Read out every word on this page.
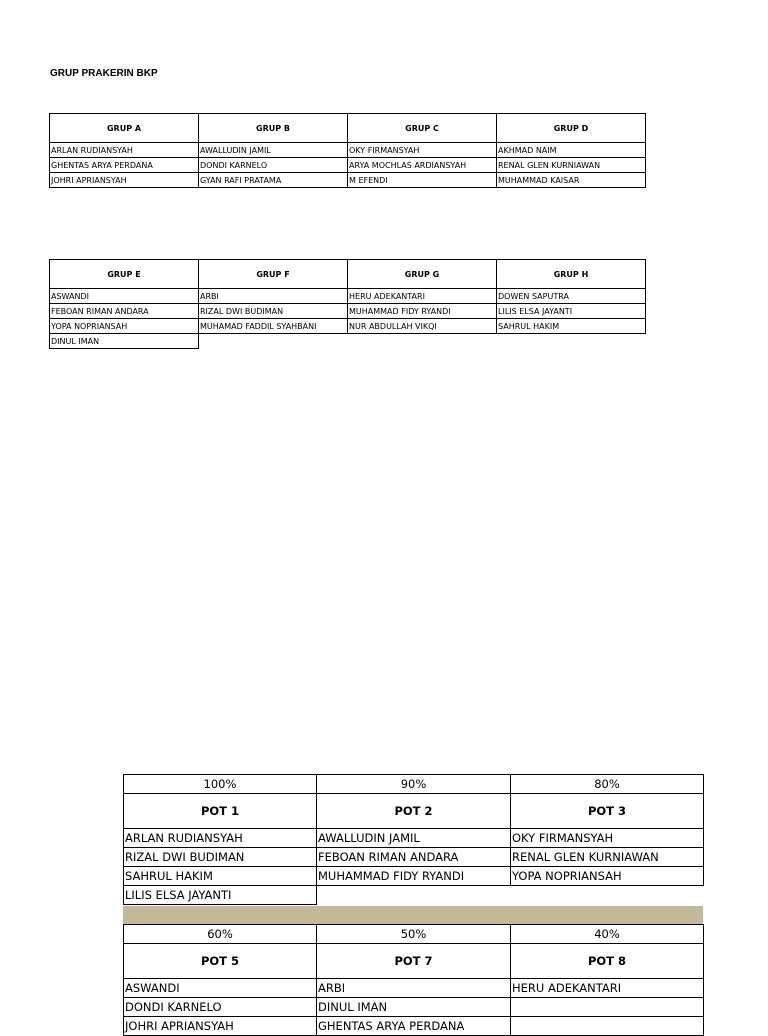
GRUP PRAKERIN BKP
GRUP A	GRUP B	GRUP C	GRUP D
ARLAN RUDIANSYAH	AWALLUDIN JAMIL	OKY FIRMANSYAH	AKHMAD NAIM
GHENTAS ARYA PERDANA	DONDI KARNELO	ARYA MOCHLAS ARDIANSYAH	RENAL GLEN KURNIAWAN
JOHRI APRIANSYAH	GYAN RAFI PRATAMA	M EFENDI	MUHAMMAD KAISAR
GRUP E	GRUP F	GRUP G	GRUP H
ASWANDI	ARBI	HERU ADEKANTARI	DOWEN SAPUTRA
FEBOAN RIMAN ANDARA	RIZAL DWI BUDIMAN	MUHAMMAD FIDY RYANDI	LILIS ELSA JAYANTI
YOPA NOPRIANSAH	MUHAMAD FADDIL SYAHBANI	NUR ABDULLAH VIKQI	SAHRUL HAKIM
DINUL IMAN			
100%	90%	80%
POT 1	POT 2	POT 3
ARLAN RUDIANSYAH	AWALLUDIN JAMIL	OKY FIRMANSYAH
RIZAL DWI BUDIMAN	FEBOAN RIMAN ANDARA	RENAL GLEN KURNIAWAN
SAHRUL HAKIM	MUHAMMAD FIDY RYANDI	YOPA NOPRIANSAH
LILIS ELSA JAYANTI		
60%	50%	40%
POT 5	POT 7	POT 8
ASWANDI	ARBI	HERU ADEKANTARI
DONDI KARNELO	DINUL IMAN	
JOHRI APRIANSYAH	GHENTAS ARYA PERDANA	
